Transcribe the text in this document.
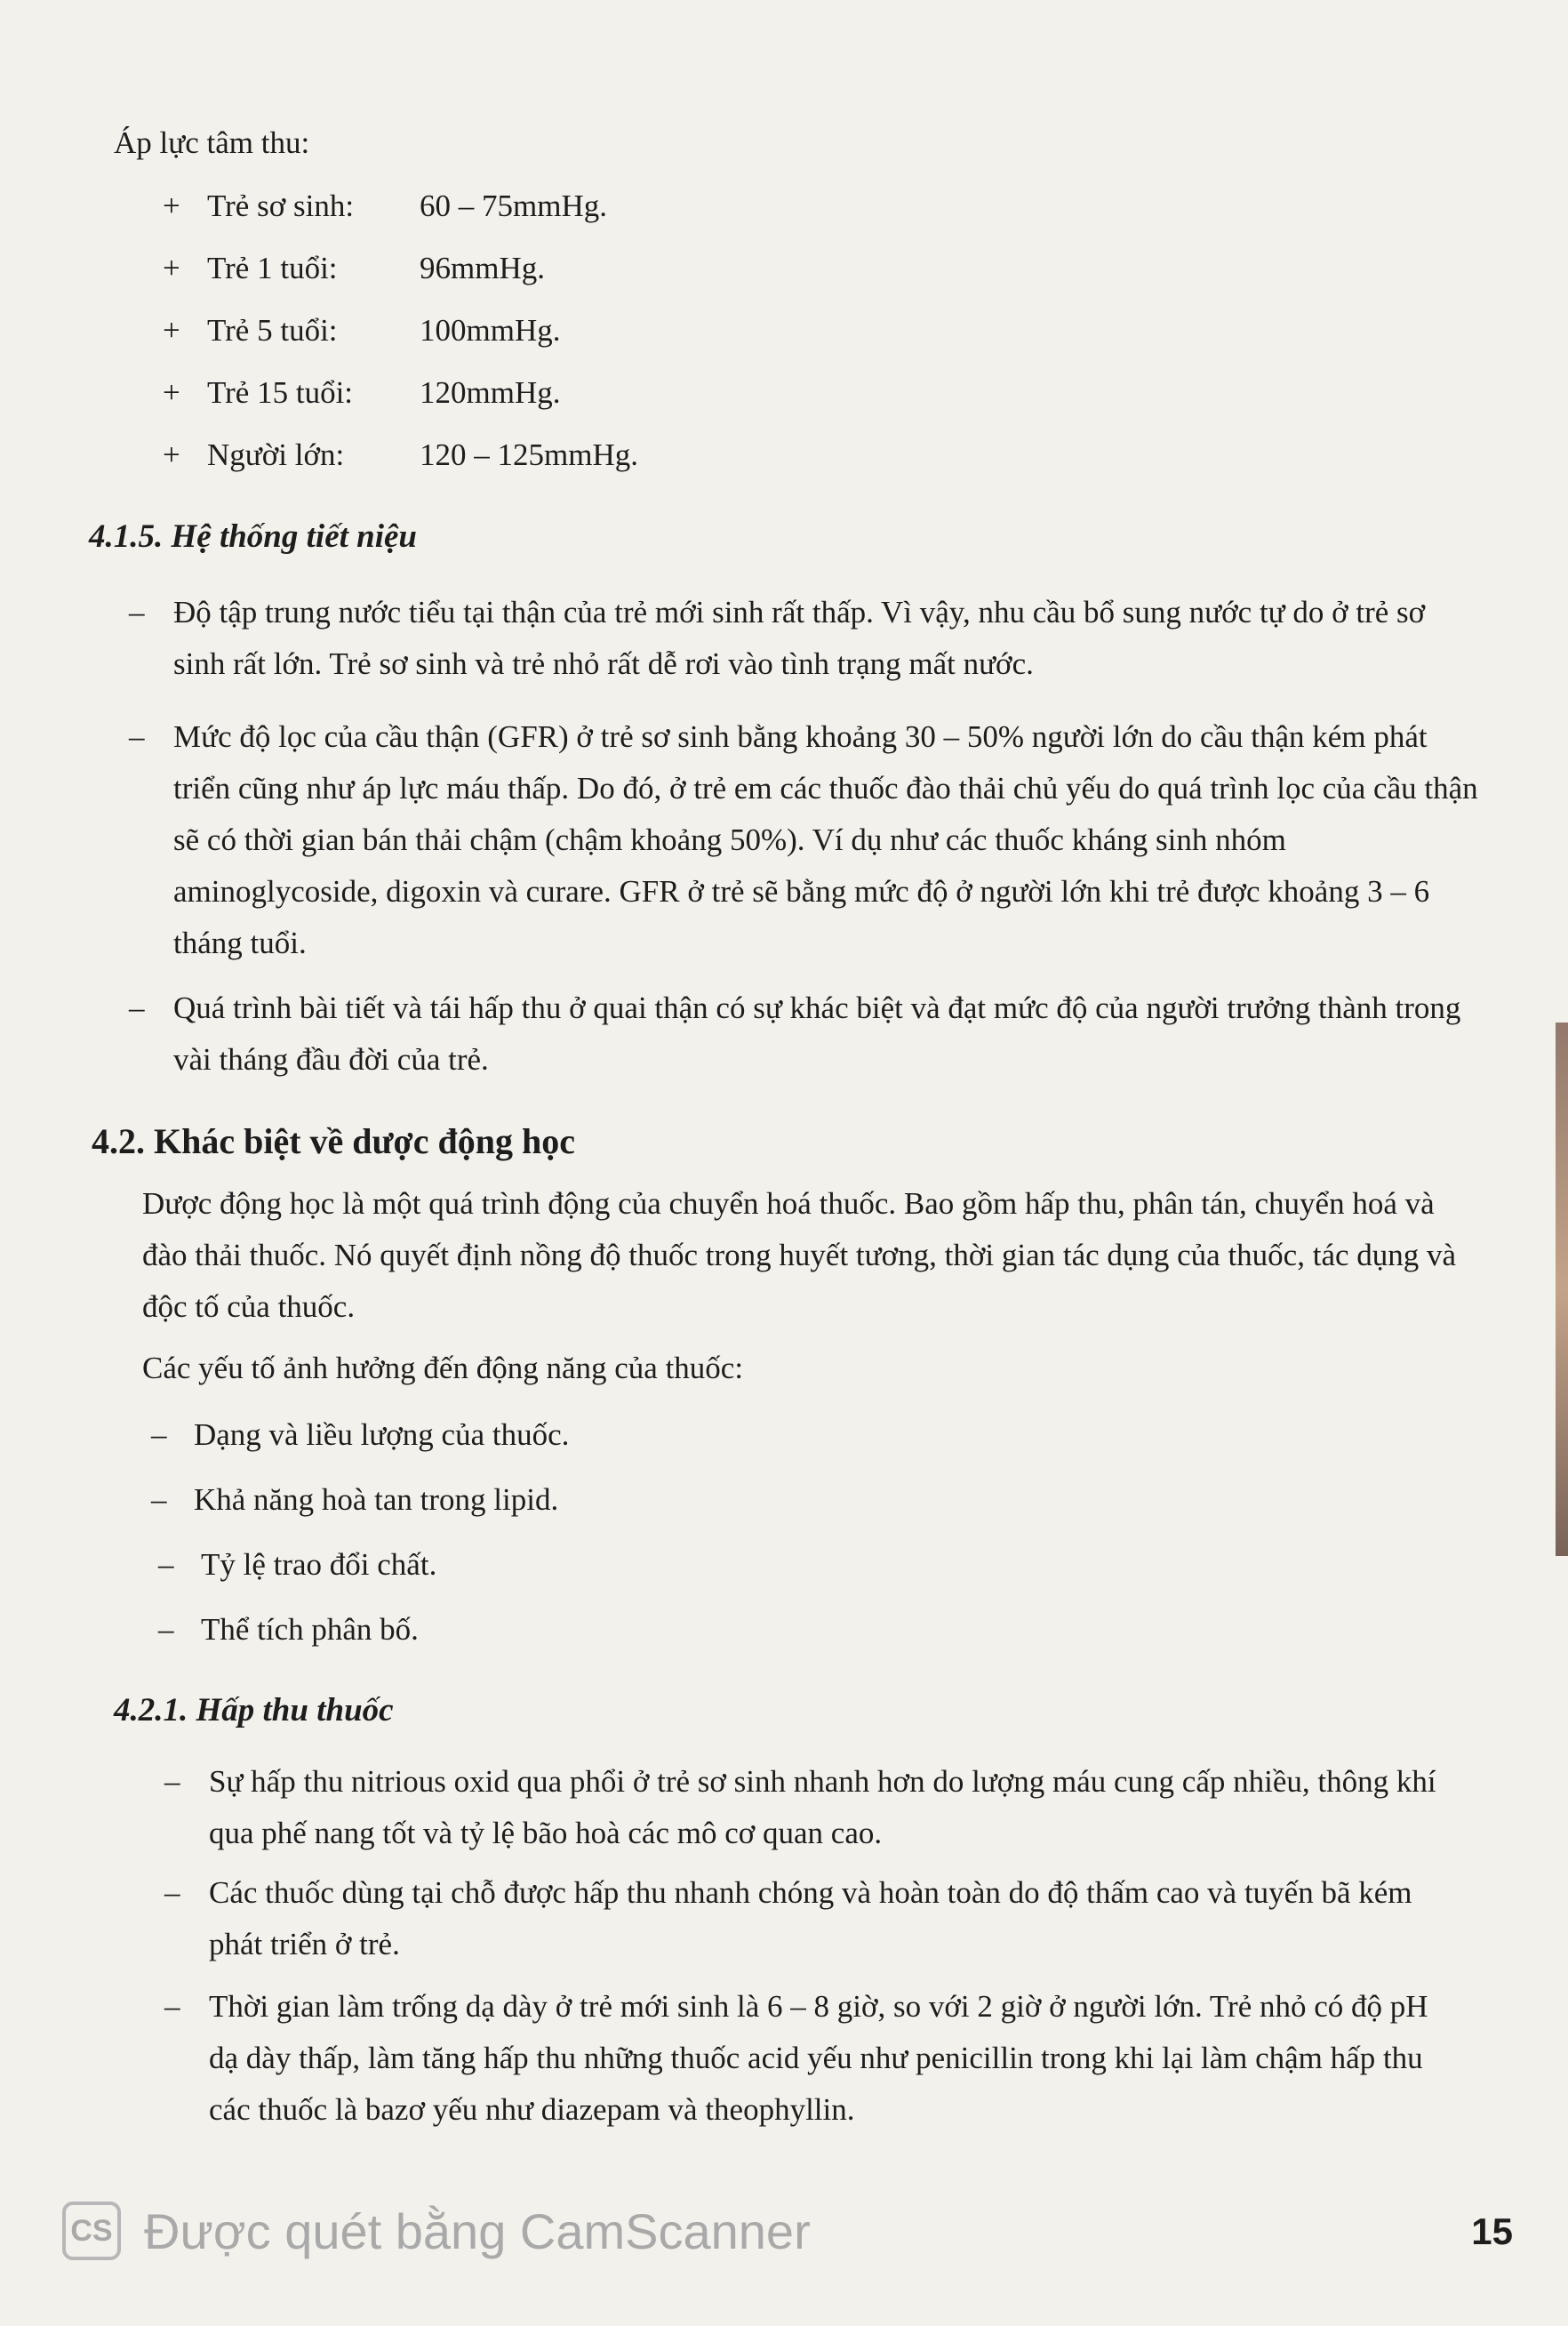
Áp lực tâm thu:
+ Trẻ sơ sinh: 60 – 75mmHg.
+ Trẻ 1 tuổi:	96mmHg.
+ Trẻ 5 tuổi:	100mmHg.
+ Trẻ 15 tuổi: 120mmHg.
+ Người lớn: 120 – 125mmHg.
4.1.5. Hệ thống tiết niệu
– Độ tập trung nước tiểu tại thận của trẻ mới sinh rất thấp. Vì vậy, nhu cầu bổ sung nước tự do ở trẻ sơ sinh rất lớn. Trẻ sơ sinh và trẻ nhỏ rất dễ rơi vào tình trạng mất nước.
– Mức độ lọc của cầu thận (GFR) ở trẻ sơ sinh bằng khoảng 30 – 50% người lớn do cầu thận kém phát triển cũng như áp lực máu thấp. Do đó, ở trẻ em các thuốc đào thải chủ yếu do quá trình lọc của cầu thận sẽ có thời gian bán thải chậm (chậm khoảng 50%). Ví dụ như các thuốc kháng sinh nhóm aminoglycoside, digoxin và curare. GFR ở trẻ sẽ bằng mức độ ở người lớn khi trẻ được khoảng 3 – 6 tháng tuổi.
– Quá trình bài tiết và tái hấp thu ở quai thận có sự khác biệt và đạt mức độ của người trưởng thành trong vài tháng đầu đời của trẻ.
4.2. Khác biệt về dược động học
Dược động học là một quá trình động của chuyển hoá thuốc. Bao gồm hấp thu, phân tán, chuyển hoá và đào thải thuốc. Nó quyết định nồng độ thuốc trong huyết tương, thời gian tác dụng của thuốc, tác dụng và độc tố của thuốc.
Các yếu tố ảnh hưởng đến động năng của thuốc:
– Dạng và liều lượng của thuốc.
– Khả năng hoà tan trong lipid.
– Tỷ lệ trao đổi chất.
– Thể tích phân bố.
4.2.1. Hấp thu thuốc
– Sự hấp thu nitrious oxid qua phổi ở trẻ sơ sinh nhanh hơn do lượng máu cung cấp nhiều, thông khí qua phế nang tốt và tỷ lệ bão hoà các mô cơ quan cao.
– Các thuốc dùng tại chỗ được hấp thu nhanh chóng và hoàn toàn do độ thấm cao và tuyến bã kém phát triển ở trẻ.
– Thời gian làm trống dạ dày ở trẻ mới sinh là 6 – 8 giờ, so với 2 giờ ở người lớn. Trẻ nhỏ có độ pH dạ dày thấp, làm tăng hấp thu những thuốc acid yếu như penicillin trong khi lại làm chậm hấp thu các thuốc là bazơ yếu như diazepam và theophyllin.
CS Được quét bằng CamScanner	15
